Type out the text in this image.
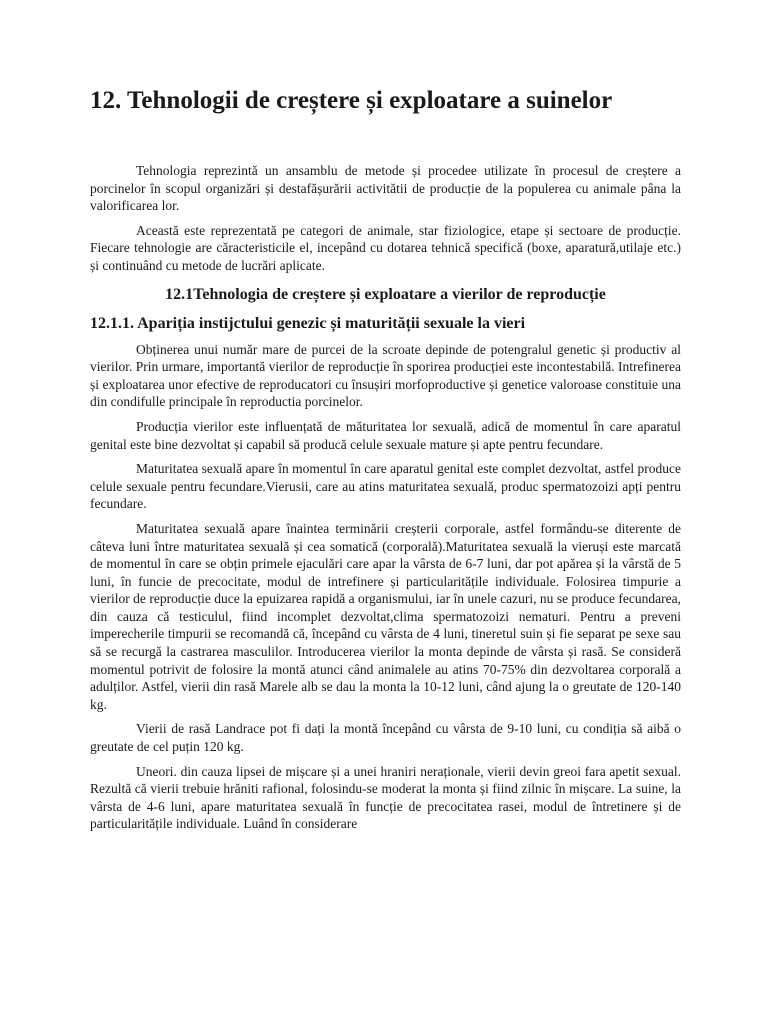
12. Tehnologii de creștere și exploatare a suinelor

Tehnologia reprezintă un ansamblu de metode și procedee utilizate în procesul de creștere a porcinelor în scopul organizări și destafășurării activitătii de producție de la populerea cu animale pâna la valorificarea lor.

Această este reprezentată pe categori de animale, star fiziologice, etape și sectoare de producție. Fiecare tehnologie are căracteristicile el, incepând cu dotarea tehnică specifică (boxe, aparatură,utilaje etc.) și continuând cu metode de lucrări aplicate.

12.1Tehnologia de creștere și exploatare a vierilor de reproducție
12.1.1. Apariția instijctului genezic și maturității sexuale la vieri

Obținerea unui număr mare de purcei de la scroate depinde de potengralul genetic și productiv al vierilor. Prin urmare, importantă vierilor de reproducție în sporirea producției este incontestabilă. Intrefinerea și exploatarea unor efective de reproducatori cu însușiri morfoproductive și genetice valoroase constituie una din condifulle principale în reproductia porcinelor.

Producția vierilor este influențată de măturitatea lor sexuală, adică de momentul în care aparatul genital este bine dezvoltat și capabil să producă celule sexuale mature și apte pentru fecundare.

Maturitatea sexuală apare în momentul în care aparatul genital este complet dezvoltat, astfel produce celule sexuale pentru fecundare.Vierusii, care au atins maturitatea sexuală, produc spermatozoizi apți pentru fecundare.

Maturitatea sexuală apare înaintea terminării creșterii corporale, astfel formându-se diterente de câteva luni între maturitatea sexuală și cea somatică (corporală).Maturitatea sexuală la vieruși este marcată de momentul în care se obțin primele ejaculări care apar la vârsta de 6-7 luni, dar pot apărea și la vârstă de 5 luni, în funcie de precocitate, modul de intrefinere și particularitățile individuale. Folosirea timpurie a vierilor de reproducție duce la epuizarea rapidă a organismului, iar în unele cazuri, nu se produce fecundarea, din cauza că testiculul, fiind incomplet dezvoltat,clima spermatozoizi nematuri. Pentru a preveni imperecherile timpurii se recomandă că, începând cu vârsta de 4 luni, tineretul suin și fie separat pe sexe sau să se recurgă la castrarea masculilor. Introducerea vierilor la monta depinde de vârsta și rasă. Se consideră momentul potrivit de folosire la montă atunci când animalele au atins 70-75% din dezvoltarea corporală a adulților. Astfel, vierii din rasă Marele alb se dau la monta la 10-12 luni, când ajung la o greutate de 120-140 kg.

Vierii de rasă Landrace pot fi dați la montă începând cu vârsta de 9-10 luni, cu condiția să aibă o greutate de cel puțin 120 kg.

Uneori. din cauza lipsei de mișcare și a unei hraniri neraționale, vierii devin greoi fara apetit sexual. Rezultă că vierii trebuie hrăniti rafional, folosindu-se moderat la monta și fiind zilnic în mișcare. La suine, la vârsta de 4-6 luni, apare maturitatea sexuală în funcție de precocitatea rasei, modul de întretinere și de particularitățile individuale. Luând în considerare
